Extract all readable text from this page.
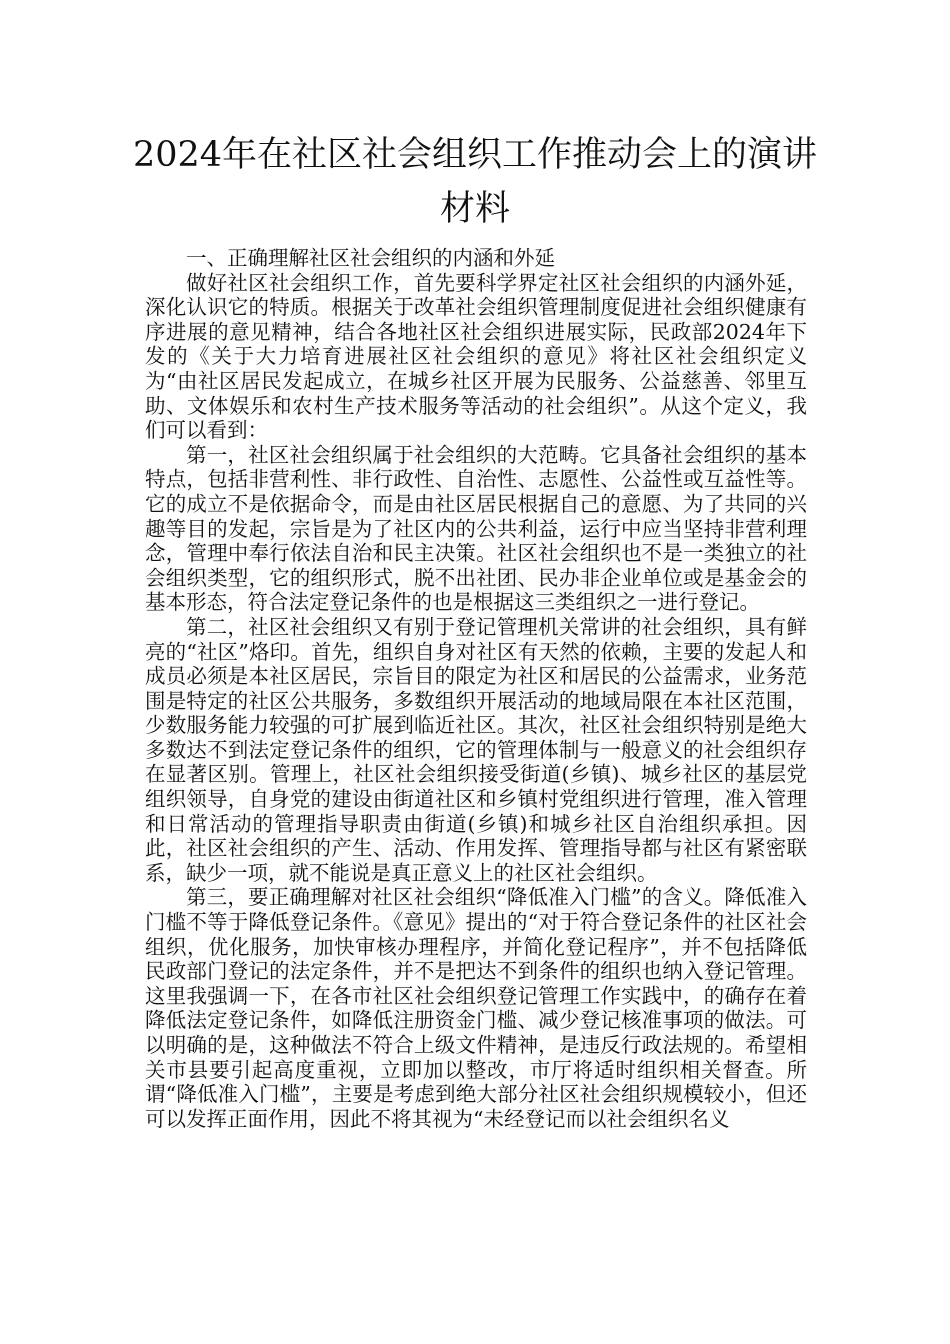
2024年在社区社会组织工作推动会上的演讲材料

一、正确理解社区社会组织的内涵和外延

做好社区社会组织工作，首先要科学界定社区社会组织的内涵外延，深化认识它的特质。根据关于改革社会组织管理制度促进社会组织健康有序进展的意见精神，结合各地社区社会组织进展实际，民政部2024年下发的《关于大力培育进展社区社会组织的意见》将社区社会组织定义为“由社区居民发起成立，在城乡社区开展为民服务、公益慈善、邻里互助、文体娱乐和农村生产技术服务等活动的社会组织”。从这个定义，我们可以看到：

第一，社区社会组织属于社会组织的大范畴。它具备社会组织的基本特点，包括非营利性、非行政性、自治性、志愿性、公益性或互益性等。它的成立不是依据命令，而是由社区居民根据自己的意愿、为了共同的兴趣等目的发起，宗旨是为了社区内的公共利益，运行中应当坚持非营利理念，管理中奉行依法自治和民主决策。社区社会组织也不是一类独立的社会组织类型，它的组织形式，脱不出社团、民办非企业单位或是基金会的基本形态，符合法定登记条件的也是根据这三类组织之一进行登记。

第二，社区社会组织又有别于登记管理机关常讲的社会组织，具有鲜亮的“社区”烙印。首先，组织自身对社区有天然的依赖，主要的发起人和成员必须是本社区居民，宗旨目的限定为社区和居民的公益需求，业务范围是特定的社区公共服务，多数组织开展活动的地域局限在本社区范围，少数服务能力较强的可扩展到临近社区。其次，社区社会组织特别是绝大多数达不到法定登记条件的组织，它的管理体制与一般意义的社会组织存在显著区别。管理上，社区社会组织接受街道(乡镇)、城乡社区的基层党组织领导，自身党的建设由街道社区和乡镇村党组织进行管理，准入管理和日常活动的管理指导职责由街道(乡镇)和城乡社区自治组织承担。因此，社区社会组织的产生、活动、作用发挥、管理指导都与社区有紧密联系，缺少一项，就不能说是真正意义上的社区社会组织。

第三，要正确理解对社区社会组织“降低准入门槛”的含义。降低准入门槛不等于降低登记条件。《意见》提出的“对于符合登记条件的社区社会组织，优化服务，加快审核办理程序，并简化登记程序”，并不包括降低民政部门登记的法定条件，并不是把达不到条件的组织也纳入登记管理。这里我强调一下，在各市社区社会组织登记管理工作实践中，的确存在着降低法定登记条件，如降低注册资金门槛、减少登记核准事项的做法。可以明确的是，这种做法不符合上级文件精神，是违反行政法规的。希望相关市县要引起高度重视，立即加以整改，市厅将适时组织相关督查。所谓“降低准入门槛”，主要是考虑到绝大部分社区社会组织规模较小，但还可以发挥正面作用，因此不将其视为“未经登记而以社会组织名义
